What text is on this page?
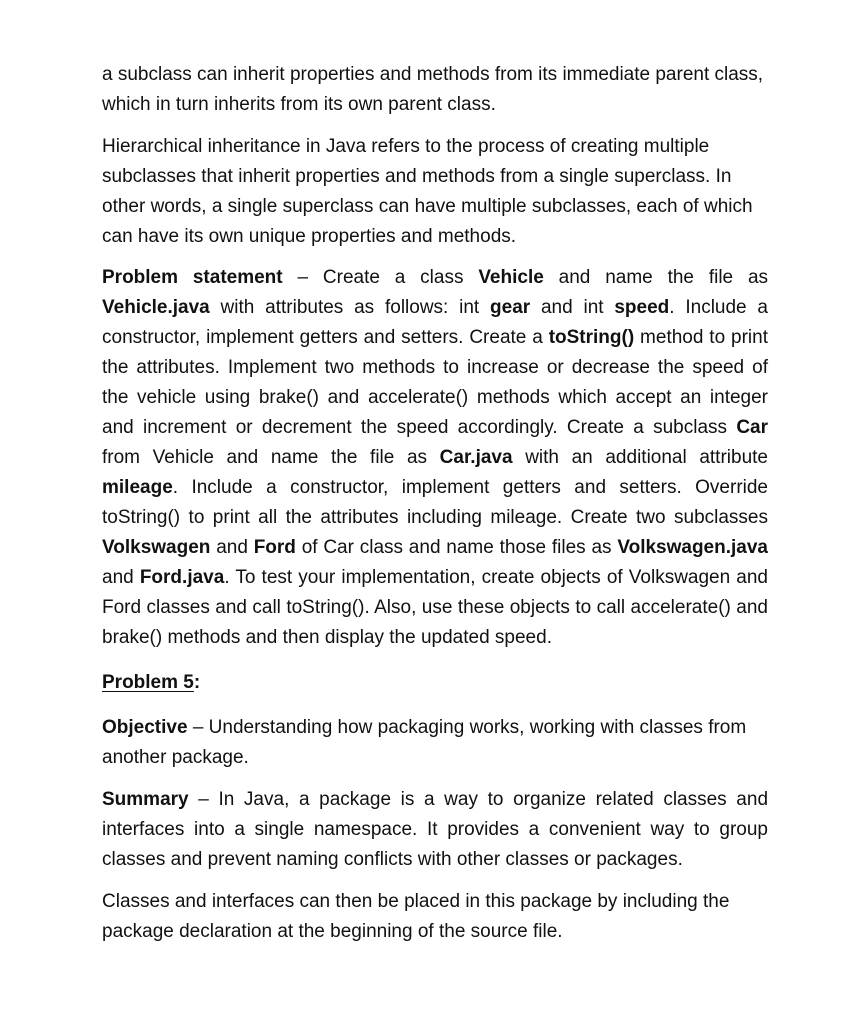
a subclass can inherit properties and methods from its immediate parent class, which in turn inherits from its own parent class.

Hierarchical inheritance in Java refers to the process of creating multiple subclasses that inherit properties and methods from a single superclass. In other words, a single superclass can have multiple subclasses, each of which can have its own unique properties and methods.

Problem statement – Create a class Vehicle and name the file as Vehicle.java with attributes as follows: int gear and int speed. Include a constructor, implement getters and setters. Create a toString() method to print the attributes. Implement two methods to increase or decrease the speed of the vehicle using brake() and accelerate() methods which accept an integer and increment or decrement the speed accordingly. Create a subclass Car from Vehicle and name the file as Car.java with an additional attribute mileage. Include a constructor, implement getters and setters. Override toString() to print all the attributes including mileage. Create two subclasses Volkswagen and Ford of Car class and name those files as Volkswagen.java and Ford.java. To test your implementation, create objects of Volkswagen and Ford classes and call toString(). Also, use these objects to call accelerate() and brake() methods and then display the updated speed.

Problem 5:

Objective – Understanding how packaging works, working with classes from another package.

Summary – In Java, a package is a way to organize related classes and interfaces into a single namespace. It provides a convenient way to group classes and prevent naming conflicts with other classes or packages.

Classes and interfaces can then be placed in this package by including the package declaration at the beginning of the source file.
